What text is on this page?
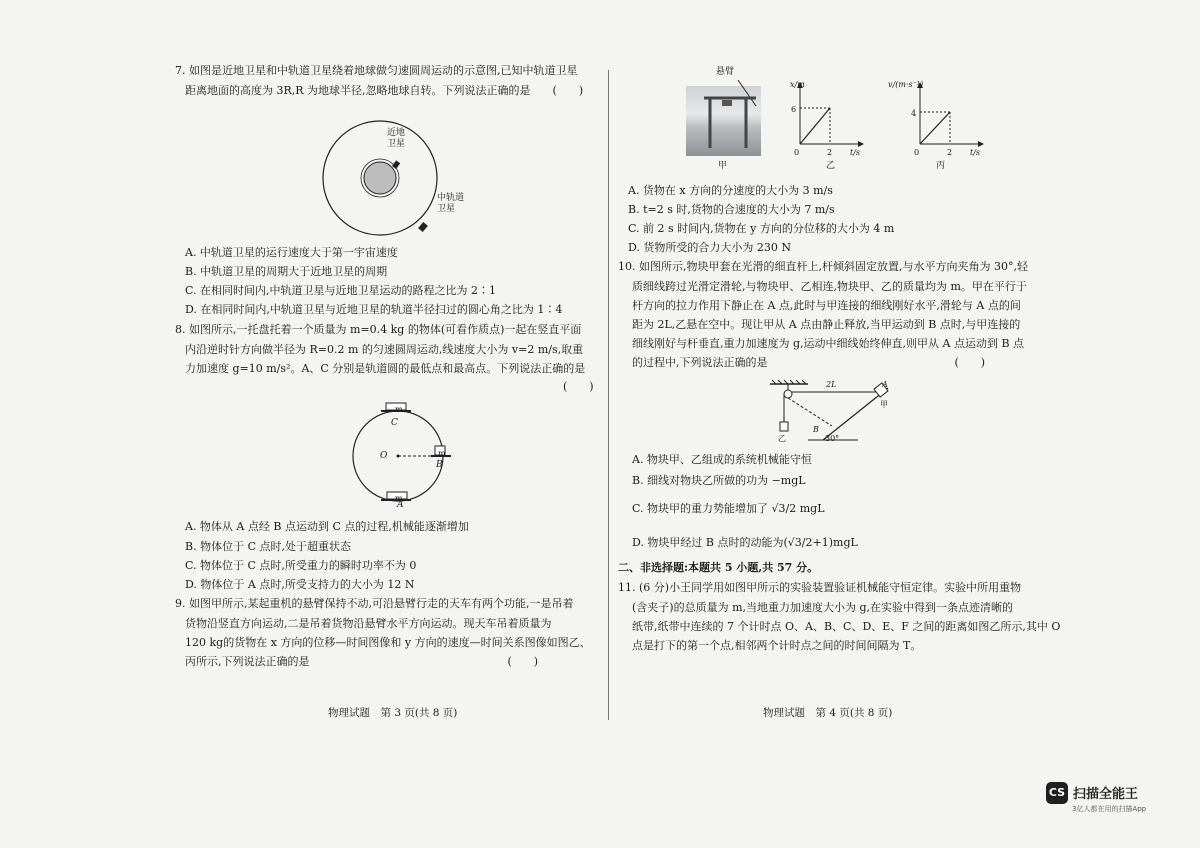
7. 如图是近地卫星和中轨道卫星绕着地球做匀速圆周运动的示意图,已知中轨道卫星
距离地面的高度为 3R,R 为地球半径,忽略地球自转。下列说法正确的是　　(　　)
近地
卫星
中轨道
卫星
A. 中轨道卫星的运行速度大于第一宇宙速度
B. 中轨道卫星的周期大于近地卫星的周期
C. 在相同时间内,中轨道卫星与近地卫星运动的路程之比为 2∶1
D. 在相同时间内,中轨道卫星与近地卫星的轨道半径扫过的圆心角之比为 1∶4
8. 如图所示,一托盘托着一个质量为 m=0.4 kg 的物体(可看作质点)一起在竖直平面
内沿逆时针方向做半径为 R=0.2 m 的匀速圆周运动,线速度大小为 v=2 m/s,取重
力加速度 g=10 m/s²。A、C 分别是轨道圆的最低点和最高点。下列说法正确的是
(　　)
m
C
O	m
B
m
A
A. 物体从 A 点经 B 点运动到 C 点的过程,机械能逐渐增加
B. 物体位于 C 点时,处于超重状态
C. 物体位于 C 点时,所受重力的瞬时功率不为 0
D. 物体位于 A 点时,所受支持力的大小为 12 N
9. 如图甲所示,某起重机的悬臂保持不动,可沿悬臂行走的天车有两个功能,一是吊着
货物沿竖直方向运动,二是吊着货物沿悬臂水平方向运动。现天车吊着质量为
120 kg的货物在 x 方向的位移—时间图像和 y 方向的速度—时间关系图像如图乙、
丙所示,下列说法正确的是　　　　　　　　　　　　　　　　　　(　　)
物理试题　第 3 页(共 8 页)
悬臂
甲
x/m
6
0	2 t/s
乙
v/(m·s⁻¹)
4
0	2 t/s
丙
A. 货物在 x 方向的分速度的大小为 3 m/s
B. t=2 s 时,货物的合速度的大小为 7 m/s
C. 前 2 s 时间内,货物在 y 方向的分位移的大小为 4 m
D. 货物所受的合力大小为 230 N
10. 如图所示,物块甲套在光滑的细直杆上,杆倾斜固定放置,与水平方向夹角为 30°,轻
质细线跨过光滑定滑轮,与物块甲、乙相连,物块甲、乙的质量均为 m。甲在平行于
杆方向的拉力作用下静止在 A 点,此时与甲连接的细线刚好水平,滑轮与 A 点的间
距为 2L,乙悬在空中。现让甲从 A 点由静止释放,当甲运动到 B 点时,与甲连接的
细线刚好与杆垂直,重力加速度为 g,运动中细线始终伸直,则甲从 A 点运动到 B 点
的过程中,下列说法正确的是　　　　　　　　　　　　　　　　　(　　)
2L	A
甲
乙
B
30°
A. 物块甲、乙组成的系统机械能守恒
B. 细线对物块乙所做的功为 −mgL
C. 物块甲的重力势能增加了 √3/2 mgL
D. 物块甲经过 B 点时的动能为(√3/2+1)mgL
二、非选择题:本题共 5 小题,共 57 分。
11. (6 分)小王同学用如图甲所示的实验装置验证机械能守恒定律。实验中所用重物
(含夹子)的总质量为 m,当地重力加速度大小为 g,在实验中得到一条点迹清晰的
纸带,纸带中连续的 7 个计时点 O、A、B、C、D、E、F 之间的距离如图乙所示,其中 O
点是打下的第一个点,相邻两个计时点之间的时间间隔为 T。
物理试题　第 4 页(共 8 页)
CS 扫描全能王
3亿人都在用的扫描App
